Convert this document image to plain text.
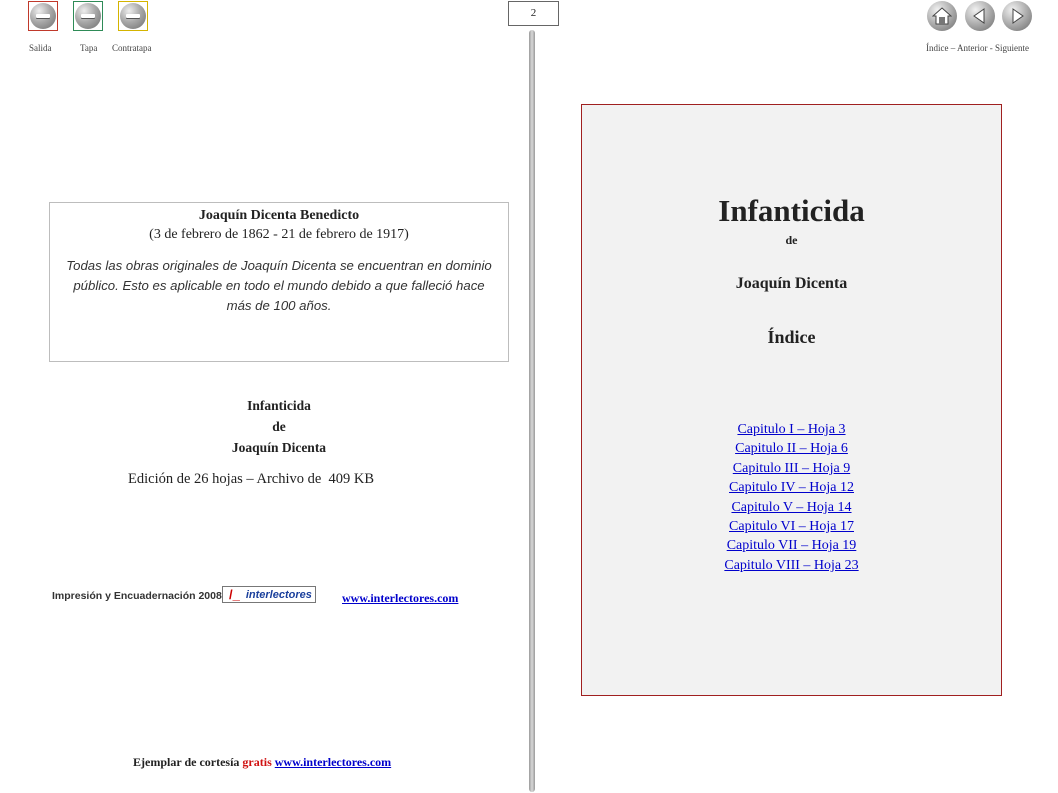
Salida	Tapa Contratapa
2
Índice – Anterior - Siguiente
Joaquín Dicenta Benedicto
(3 de febrero de 1862 - 21 de febrero de 1917)
Todas las obras originales de Joaquín Dicenta se encuentran en dominio público. Esto es aplicable en todo el mundo debido a que falleció hace más de 100 años.
Infanticida
de
Joaquín Dicenta
Edición de 26 hojas – Archivo de  409 KB
Impresión y Encuadernación 2008 /_ interlectores	www.interlectores.com
Ejemplar de cortesía gratis www.interlectores.com
Infanticida
de
Joaquín Dicenta
Índice
Capitulo I – Hoja 3
Capitulo II – Hoja 6
Capitulo III – Hoja 9
Capitulo IV – Hoja 12
Capitulo V – Hoja 14
Capitulo VI – Hoja 17
Capitulo VII – Hoja 19
Capitulo VIII – Hoja 23
